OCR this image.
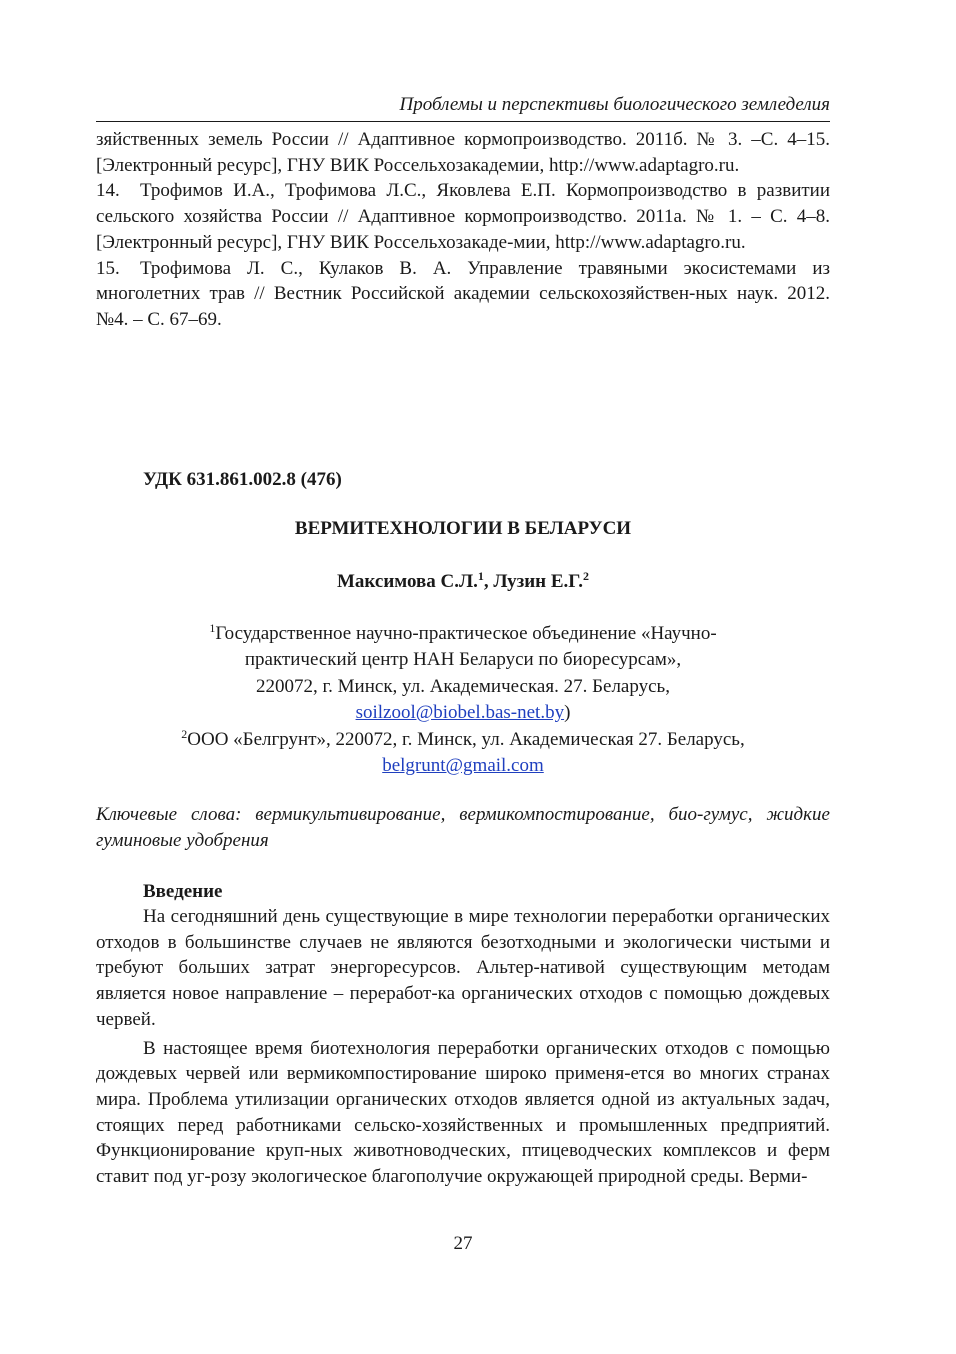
Проблемы и перспективы биологического земледелия

зяйственных земель России // Адаптивное кормопроизводство. 2011б. № 3. –С. 4–15. [Электронный ресурс], ГНУ ВИК Россельхозакадемии, http://www.adaptagro.ru.

14. Трофимов И.А., Трофимова Л.С., Яковлева Е.П. Кормопроизводство в развитии сельского хозяйства России // Адаптивное кормопроизводство. 2011а. № 1. – С. 4–8. [Электронный ресурс], ГНУ ВИК Россельхозакаде-мии, http://www.adaptagro.ru.

15. Трофимова Л. С., Кулаков В. А. Управление травяными экосистемами из многолетних трав // Вестник Российской академии сельскохозяйствен-ных наук. 2012. №4. – С. 67–69.

УДК 631.861.002.8 (476)
ВЕРМИТЕХНОЛОГИИ В БЕЛАРУСИ
Максимова С.Л.$^1$, Лузин Е.Г.$^2$
$^1$Государственное научно-практическое объединение «Научно-
практический центр НАН Беларуси по биоресурсам»,
220072, г. Минск, ул. Академическая. 27. Беларусь,
soilzool@biobel.bas-net.by)
$^2$ООО «Белгрунт», 220072, г. Минск, ул. Академическая 27. Беларусь,
belgrunt@gmail.com
Ключевые слова: вермикультивирование, вермикомпостирование, био-гумус, жидкие гуминовые удобрения
Введение

На сегодняшний день существующие в мире технологии переработки органических отходов в большинстве случаев не являются безотходными и экологически чистыми и требуют больших затрат энергоресурсов. Альтер-нативой существующим методам является новое направление – переработ-ка органических отходов с помощью дождевых червей.

В настоящее время биотехнология переработки органических отходов с помощью дождевых червей или вермикомпостирование широко применя-ется во многих странах мира. Проблема утилизации органических отходов является одной из актуальных задач, стоящих перед работниками сельско-хозяйственных и промышленных предприятий. Функционирование круп-ных животноводческих, птицеводческих комплексов и ферм ставит под уг-розу экологическое благополучие окружающей природной среды. Верми-

27
